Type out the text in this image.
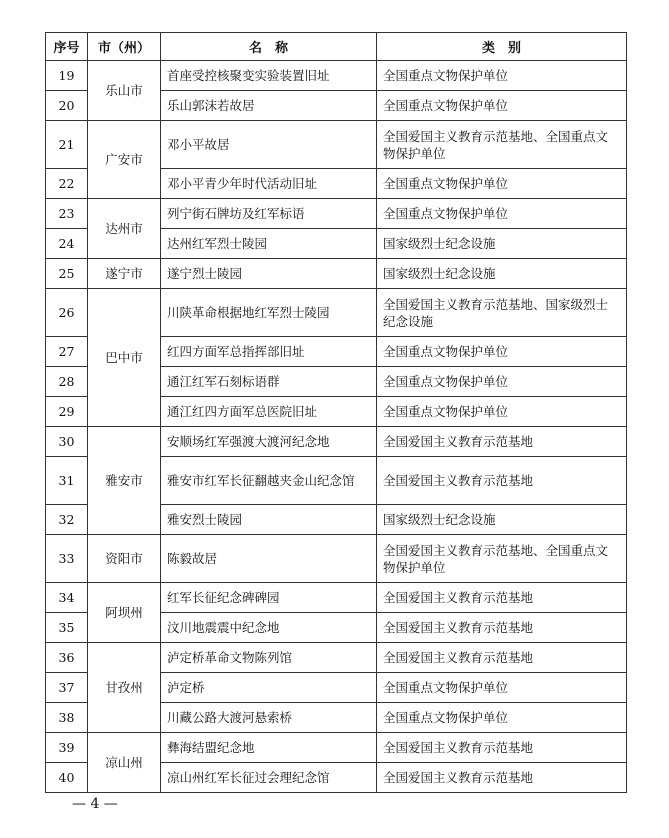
序号	市（州）	名　称	类　别
19	乐山市	首座受控核聚变实验装置旧址	全国重点文物保护单位
20		乐山郭沫若故居	全国重点文物保护单位
21	广安市	邓小平故居	全国爱国主义教育示范基地、全国重点文物保护单位
22		邓小平青少年时代活动旧址	全国重点文物保护单位
23	达州市	列宁街石牌坊及红军标语	全国重点文物保护单位
24		达州红军烈士陵园	国家级烈士纪念设施
25	遂宁市	遂宁烈士陵园	国家级烈士纪念设施
26	巴中市	川陕革命根据地红军烈士陵园	全国爱国主义教育示范基地、国家级烈士纪念设施
27		红四方面军总指挥部旧址	全国重点文物保护单位
28		通江红军石刻标语群	全国重点文物保护单位
29		通江红四方面军总医院旧址	全国重点文物保护单位
30	雅安市	安顺场红军强渡大渡河纪念地	全国爱国主义教育示范基地
31		雅安市红军长征翻越夹金山纪念馆	全国爱国主义教育示范基地
32		雅安烈士陵园	国家级烈士纪念设施
33	资阳市	陈毅故居	全国爱国主义教育示范基地、全国重点文物保护单位
34	阿坝州	红军长征纪念碑碑园	全国爱国主义教育示范基地
35		汶川地震震中纪念地	全国爱国主义教育示范基地
36	甘孜州	泸定桥革命文物陈列馆	全国爱国主义教育示范基地
37		泸定桥	全国重点文物保护单位
38		川藏公路大渡河悬索桥	全国重点文物保护单位
39	凉山州	彝海结盟纪念地	全国爱国主义教育示范基地
40		凉山州红军长征过会理纪念馆	全国爱国主义教育示范基地
— 4 —
